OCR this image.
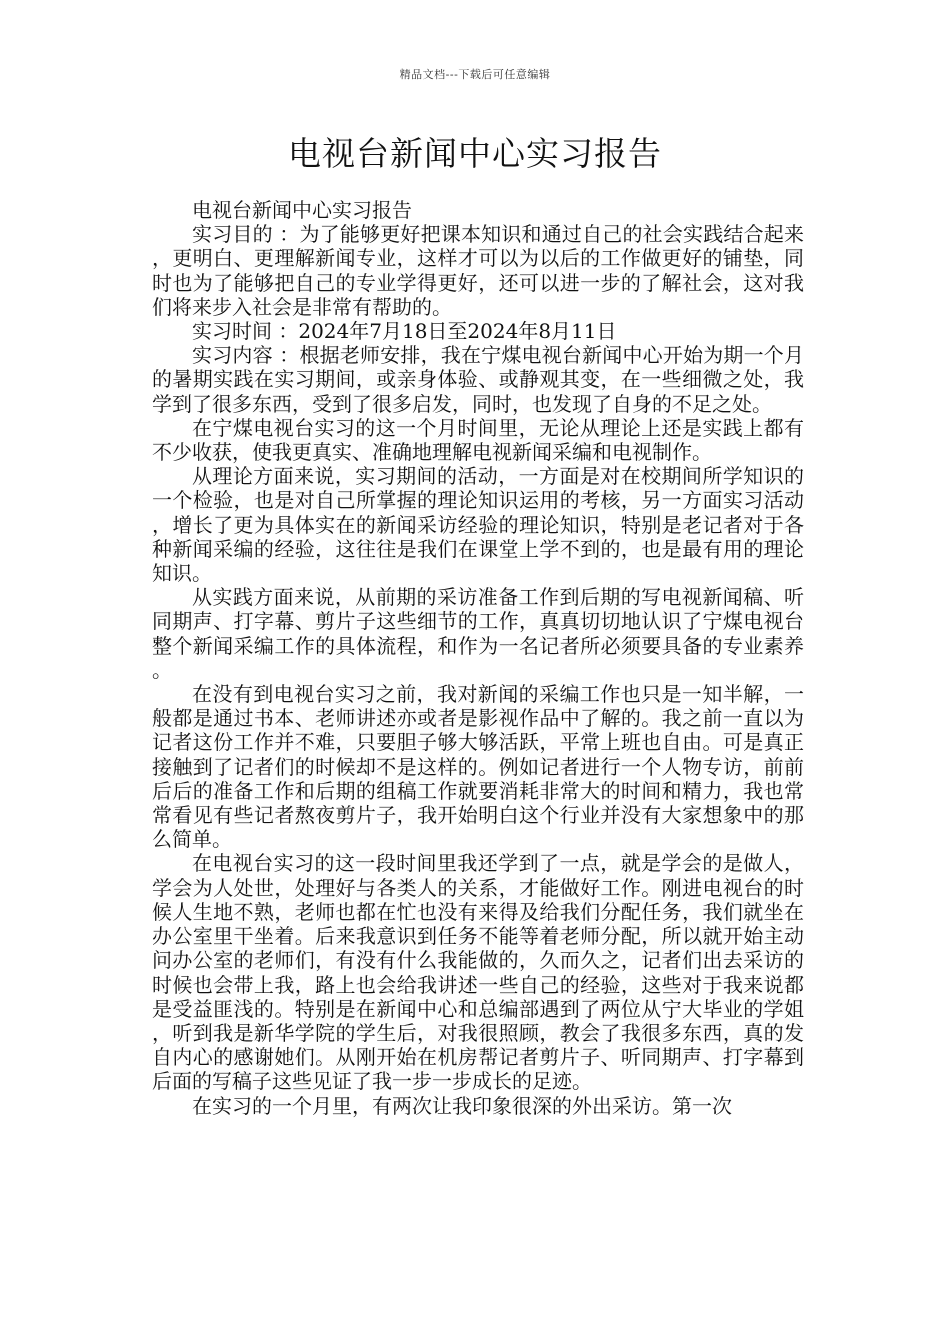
精品文档---下载后可任意编辑
电视台新闻中心实习报告

电视台新闻中心实习报告

实习目的 ：为了能够更好把课本知识和通过自己的社会实践结合起来，更明白、更理解新闻专业，这样才可以为以后的工作做更好的铺垫，同时也为了能够把自己的专业学得更好，还可以进一步的了解社会，这对我们将来步入社会是非常有帮助的。

实习时间 ：2024年7月18日至2024年8月11日

实习内容 ：根据老师安排，我在宁煤电视台新闻中心开始为期一个月的暑期实践在实习期间，或亲身体验、或静观其变，在一些细微之处，我学到了很多东西，受到了很多启发，同时，也发现了自身的不足之处。

在宁煤电视台实习的这一个月时间里，无论从理论上还是实践上都有不少收获，使我更真实、准确地理解电视新闻采编和电视制作。

从理论方面来说，实习期间的活动，一方面是对在校期间所学知识的一个检验，也是对自己所掌握的理论知识运用的考核，另一方面实习活动，增长了更为具体实在的新闻采访经验的理论知识，特别是老记者对于各种新闻采编的经验，这往往是我们在课堂上学不到的，也是最有用的理论知识。

从实践方面来说，从前期的采访准备工作到后期的写电视新闻稿、听同期声、打字幕、剪片子这些细节的工作，真真切切地认识了宁煤电视台整个新闻采编工作的具体流程，和作为一名记者所必须要具备的专业素养。

在没有到电视台实习之前，我对新闻的采编工作也只是一知半解，一般都是通过书本、老师讲述亦或者是影视作品中了解的。我之前一直以为记者这份工作并不难，只要胆子够大够活跃，平常上班也自由。可是真正接触到了记者们的时候却不是这样的。例如记者进行一个人物专访，前前后后的准备工作和后期的组稿工作就要消耗非常大的时间和精力，我也常常看见有些记者熬夜剪片子，我开始明白这个行业并没有大家想象中的那么简单。

在电视台实习的这一段时间里我还学到了一点，就是学会的是做人，学会为人处世，处理好与各类人的关系，才能做好工作。刚进电视台的时候人生地不熟，老师也都在忙也没有来得及给我们分配任务，我们就坐在办公室里干坐着。后来我意识到任务不能等着老师分配，所以就开始主动问办公室的老师们，有没有什么我能做的，久而久之，记者们出去采访的时候也会带上我，路上也会给我讲述一些自己的经验，这些对于我来说都是受益匪浅的。特别是在新闻中心和总编部遇到了两位从宁大毕业的学姐，听到我是新华学院的学生后，对我很照顾，教会了我很多东西，真的发自内心的感谢她们。从刚开始在机房帮记者剪片子、听同期声、打字幕到后面的写稿子这些见证了我一步一步成长的足迹。

在实习的一个月里，有两次让我印象很深的外出采访。第一次
